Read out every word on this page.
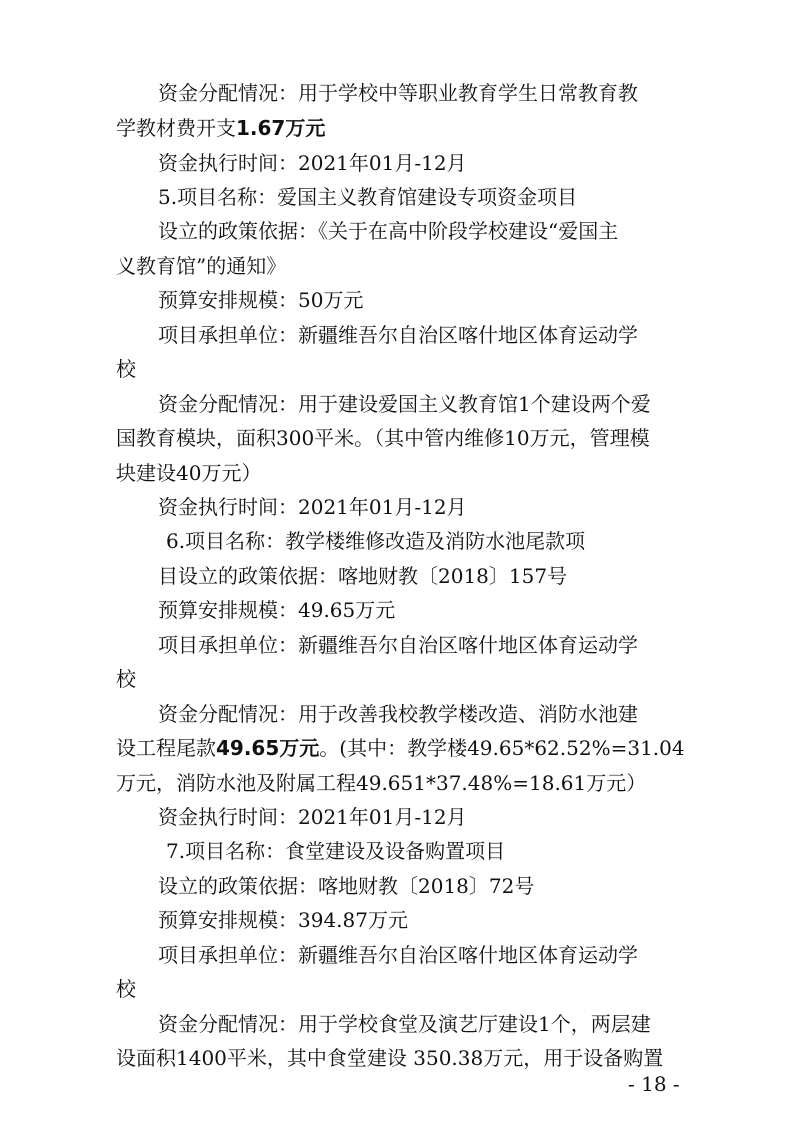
资金分配情况：用于学校中等职业教育学生日常教育教
学教材费开支1.67万元
资金执行时间：2021年01月-12月
5.项目名称：爱国主义教育馆建设专项资金项目
设立的政策依据：《关于在高中阶段学校建设“爱国主
义教育馆”的通知》
预算安排规模：50万元
项目承担单位：新疆维吾尔自治区喀什地区体育运动学
校
资金分配情况：用于建设爱国主义教育馆1个建设两个爱
国教育模块，面积300平米。（其中管内维修10万元，管理模
块建设40万元）
资金执行时间：2021年01月-12月
6.项目名称：教学楼维修改造及消防水池尾款项
目设立的政策依据：喀地财教〔2018〕157号
预算安排规模：49.65万元
项目承担单位：新疆维吾尔自治区喀什地区体育运动学
校
资金分配情况：用于改善我校教学楼改造、消防水池建
设工程尾款49.65万元。(其中：教学楼49.65*62.52%=31.04
万元，消防水池及附属工程49.651*37.48%=18.61万元）
资金执行时间：2021年01月-12月
7.项目名称：食堂建设及设备购置项目
设立的政策依据：喀地财教〔2018〕72号
预算安排规模：394.87万元
项目承担单位：新疆维吾尔自治区喀什地区体育运动学
校
资金分配情况：用于学校食堂及演艺厅建设1个，两层建
设面积1400平米，其中食堂建设 350.38万元，用于设备购置
- 18 -
